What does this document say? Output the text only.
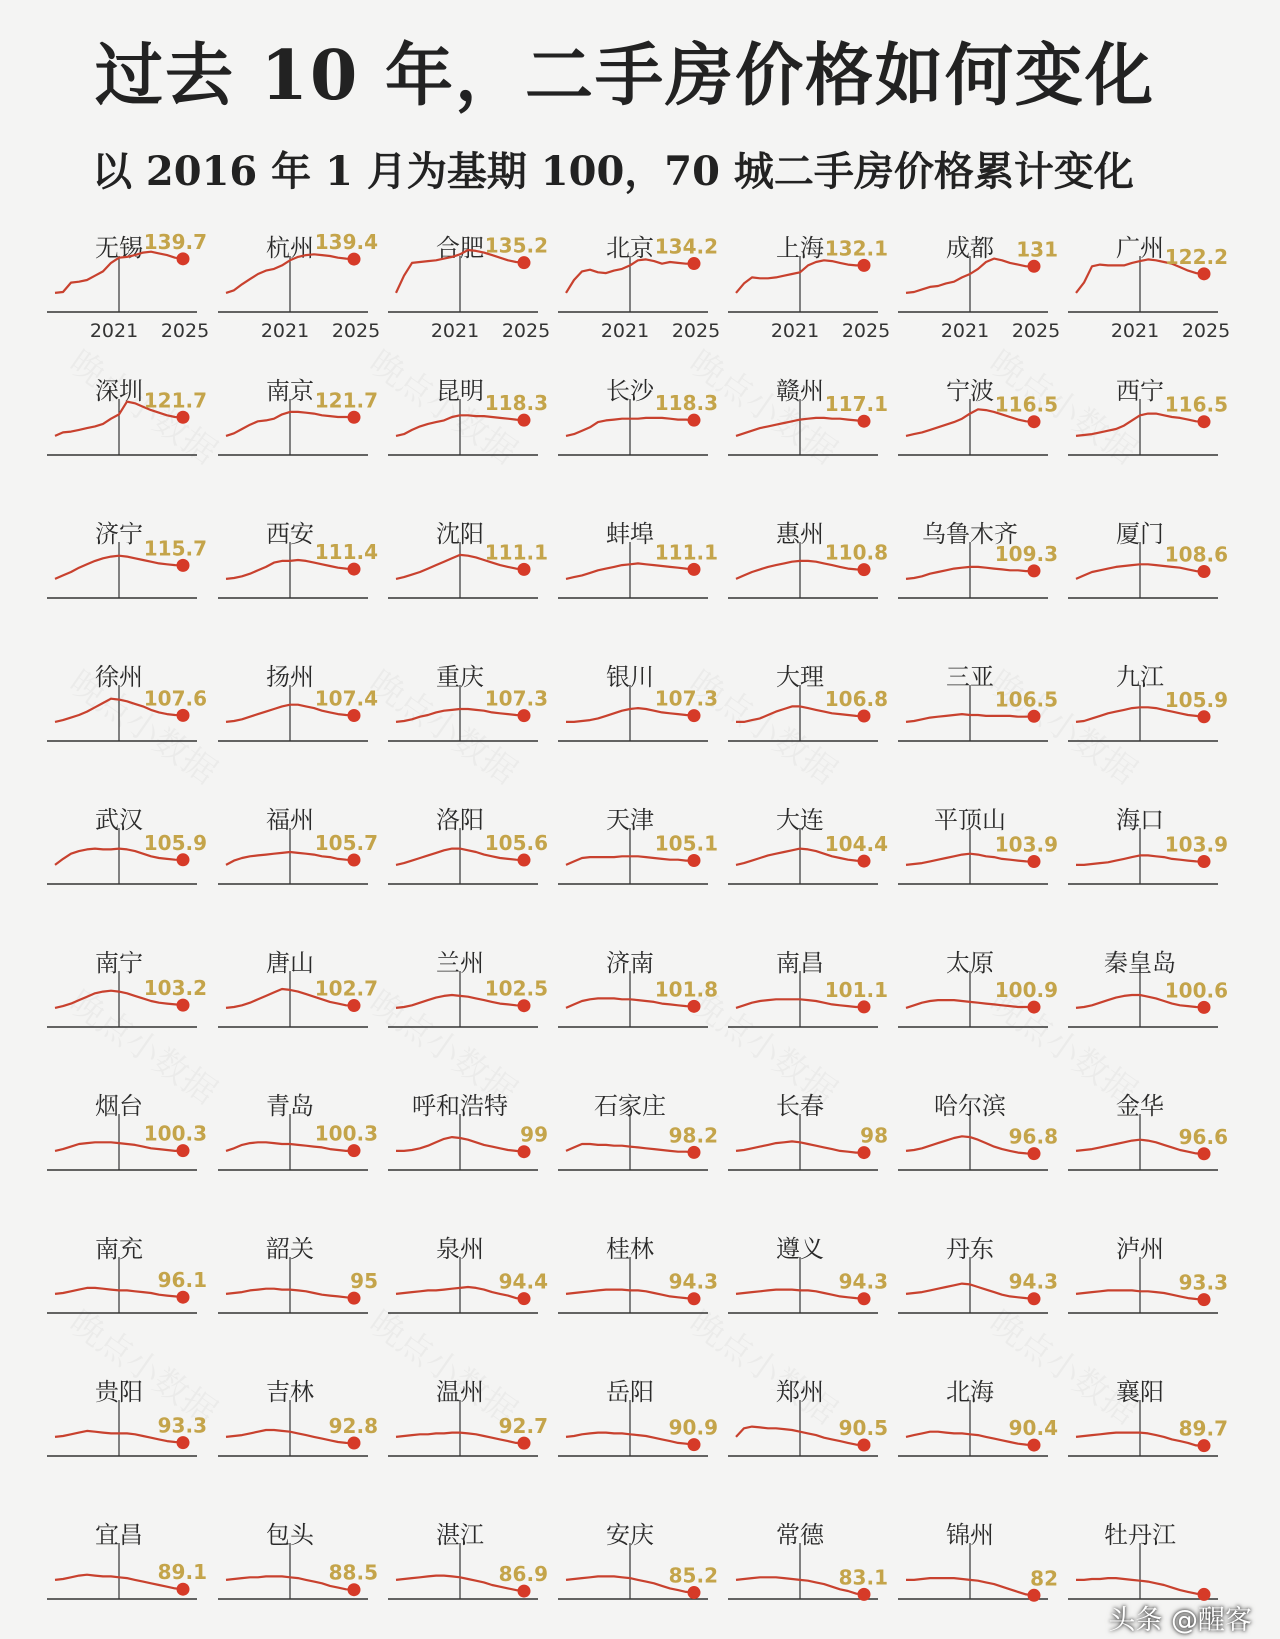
过去 10 年，二手房价格如何变化
以 2016 年 1 月为基期 100，70 城二手房价格累计变化
无锡 139.7
2021 2025
杭州 139.4
2021 2025
合肥 135.2
2021 2025
北京 134.2
2021 2025
上海 132.1
2021 2025
成都 131
2021 2025
广州 122.2
2021 2025
深圳 121.7 南京 121.7 昆明 118.3 长沙 118.3 赣州 117.1 宁波 116.5 西宁 116.5
济宁
115.7
西安
111.4
沈阳
111.1
蚌埠
111.1
惠州
110.8
乌鲁木齐
109.3
厦门
108.6
徐州
107.6
扬州
107.4
重庆
107.3
银川
107.3
大理
106.8
三亚
106.5
九江
105.9
武汉
105.9
福州
105.7
洛阳
105.6
天津
105.1
大连
104.4
平顶山
103.9
海口
103.9
南宁
103.2
唐山
102.7
兰州
102.5
济南
101.8
南昌
101.1
太原
100.9
秦皇岛
100.6
烟台
100.3
青岛
100.3
呼和浩特
99
石家庄
98.2
长春
98
哈尔滨
96.8
金华
96.6
南充
96.1
韶关
95
泉州
94.4
桂林
94.3
遵义
94.3
丹东
94.3
泸州
93.3
贵阳
93.3
吉林
92.8
温州
92.7
岳阳
90.9
郑州
90.5
北海
90.4
襄阳
89.7
宜昌
89.1
包头
88.5
湛江
86.9
安庆
85.2
常德
83.1
锦州
82
牡丹江
头条 @醒客
